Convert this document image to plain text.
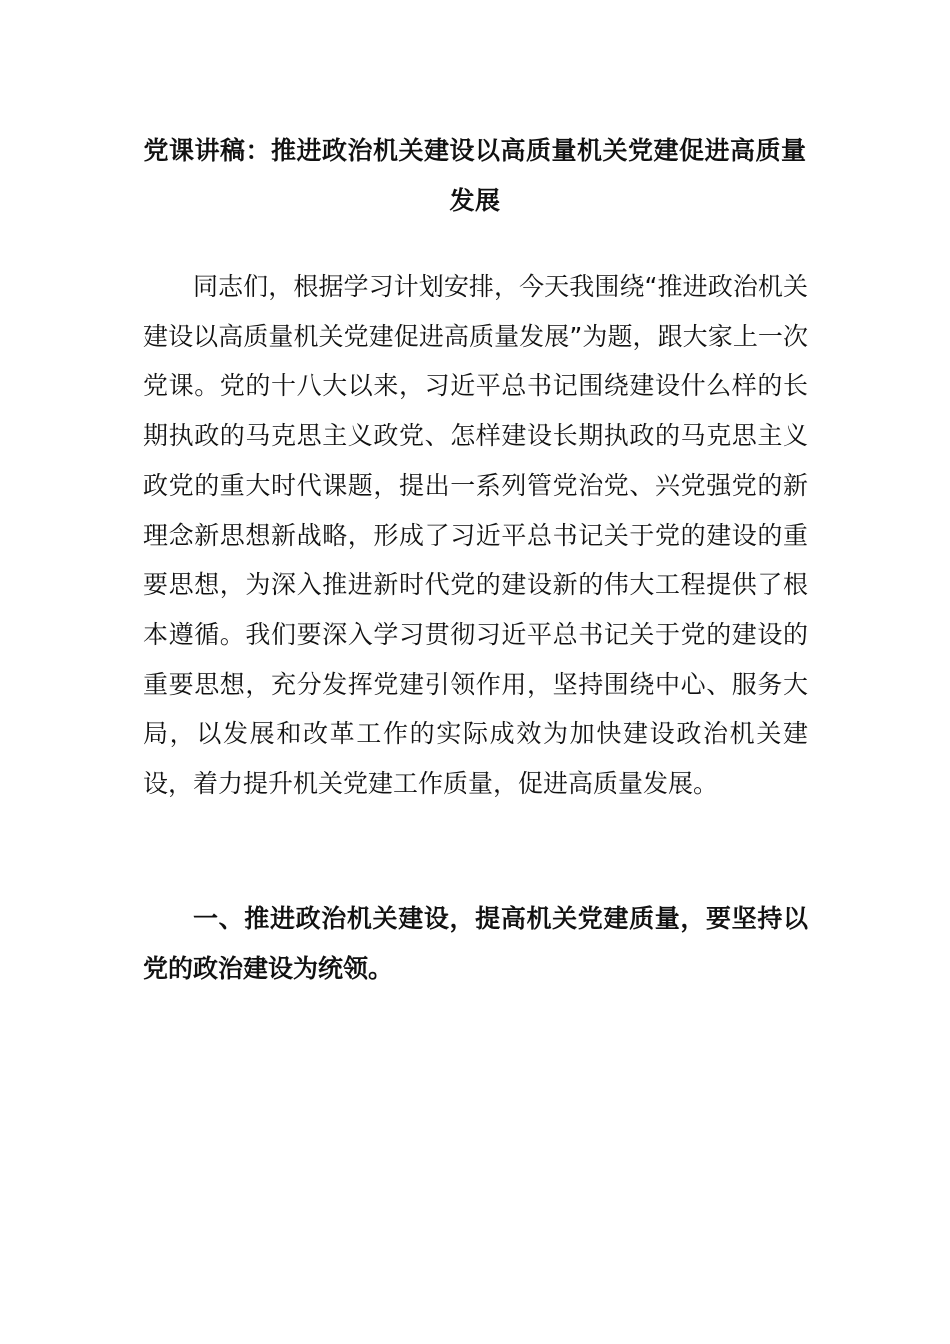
党课讲稿：推进政治机关建设以高质量机关党建促进高质量发展

同志们，根据学习计划安排，今天我围绕“推进政治机关建设以高质量机关党建促进高质量发展”为题，跟大家上一次党课。党的十八大以来，习近平总书记围绕建设什么样的长期执政的马克思主义政党、怎样建设长期执政的马克思主义政党的重大时代课题，提出一系列管党治党、兴党强党的新理念新思想新战略，形成了习近平总书记关于党的建设的重要思想，为深入推进新时代党的建设新的伟大工程提供了根本遵循。我们要深入学习贯彻习近平总书记关于党的建设的重要思想，充分发挥党建引领作用，坚持围绕中心、服务大局，以发展和改革工作的实际成效为加快建设政治机关建设，着力提升机关党建工作质量，促进高质量发展。

一、推进政治机关建设，提高机关党建质量，要坚持以党的政治建设为统领。
